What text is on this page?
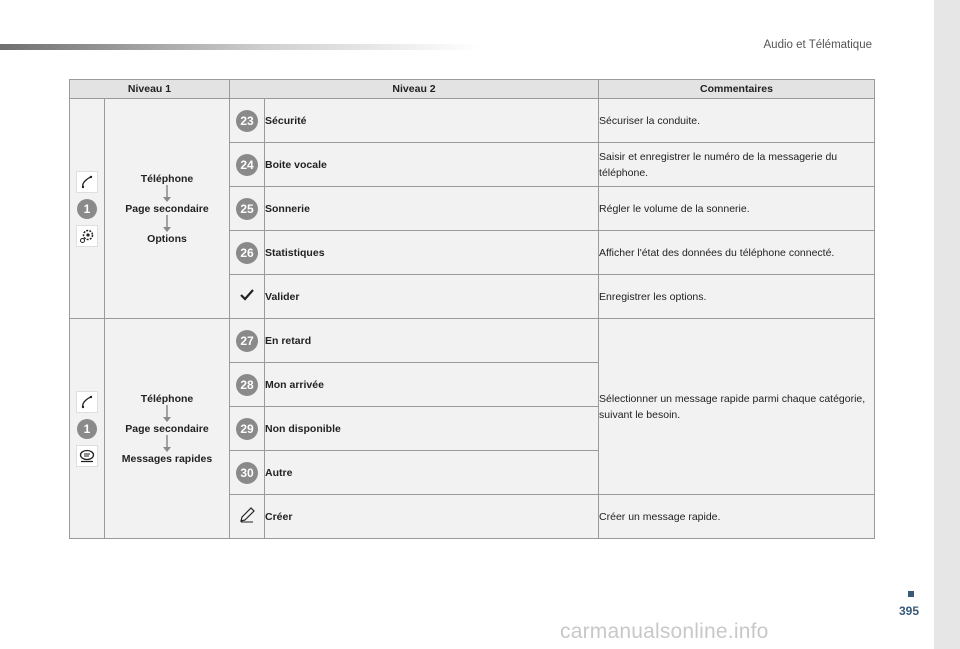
Audio et Télématique
Niveau 1		Niveau 2		Commentaires

1	Téléphone
Page secondaire
Options	23	Sécurité	Sécuriser la conduite.
		24	Boite vocale	Saisir et enregistrer le numéro de la messagerie du téléphone.
		25	Sonnerie	Régler le volume de la sonnerie.
		26	Statistiques	Afficher l'état des données du téléphone connecté.
	Valider	Enregistrer les options.

1	Téléphone
Page secondaire
Messages rapides	27	En retard	Sélectionner un message rapide parmi chaque catégorie, suivant le besoin.
		28	Mon arrivée	
		29	Non disponible	
		30	Autre	
	Créer	Créer un message rapide.
395
carmanualsonline.info
